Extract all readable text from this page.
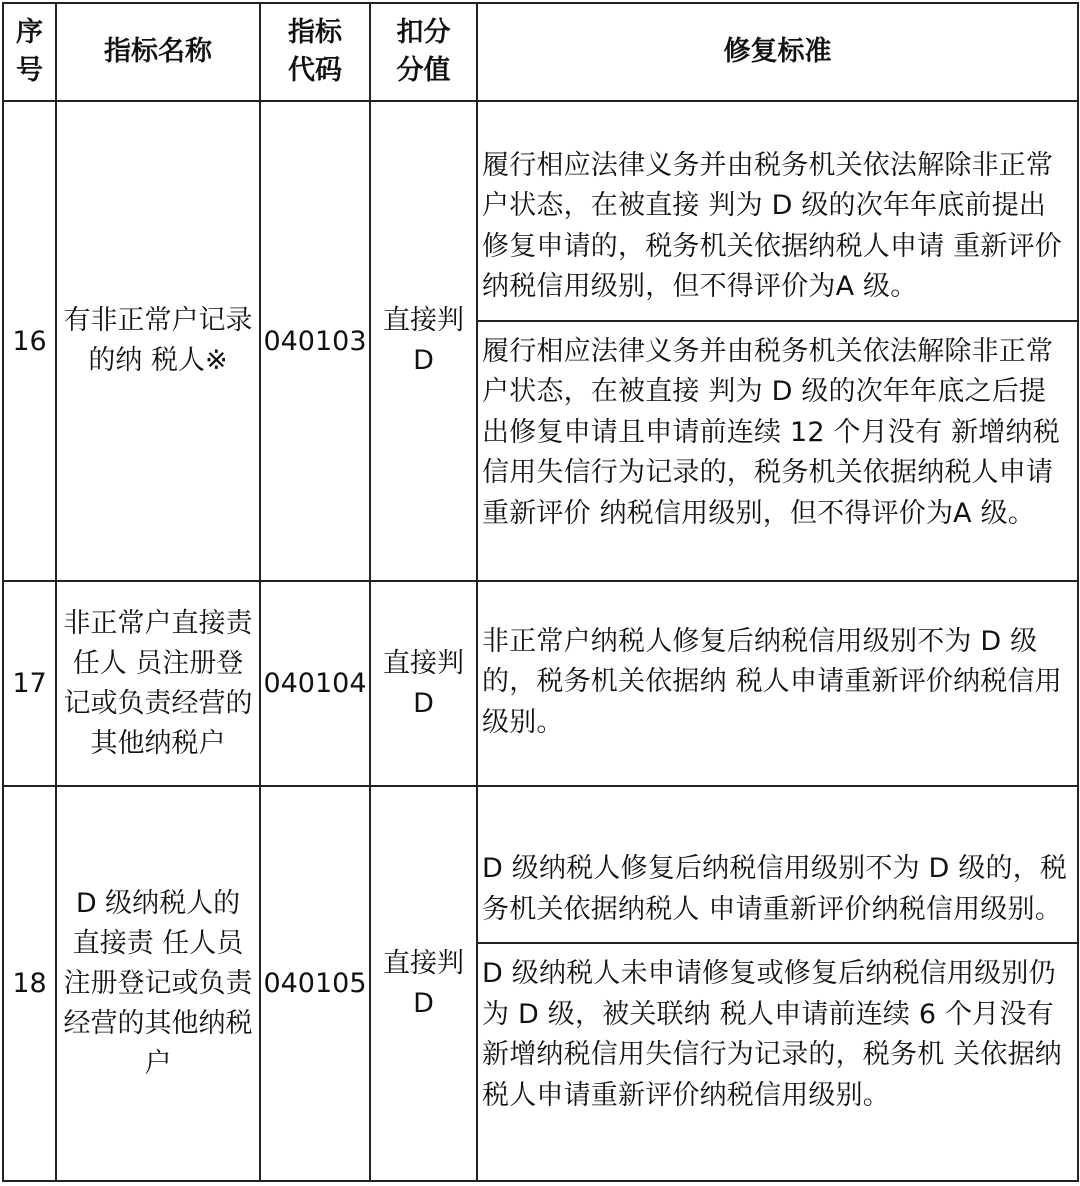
序号	指标名称	指标代码	扣分分值	修复标准
16	有非正常户记录的纳 税人※	040103	直接判D	履行相应法律义务并由税务机关依法解除非正常户状态，在被直接 判为 D 级的次年年底前提出修复申请的，税务机关依据纳税人申请 重新评价纳税信用级别，但不得评价为A 级。
履行相应法律义务并由税务机关依法解除非正常户状态，在被直接 判为 D 级的次年年底之后提出修复申请且申请前连续 12 个月没有 新增纳税信用失信行为记录的，税务机关依据纳税人申请重新评价 纳税信用级别，但不得评价为A 级。

17	非正常户直接责任人 员注册登记或负责经营的其他纳税户	040104	直接判D	非正常户纳税人修复后纳税信用级别不为 D 级的，税务机关依据纳 税人申请重新评价纳税信用级别。

18	D 级纳税人的直接责 任人员注册登记或负责经营的其他纳税户	040105	直接判D	D 级纳税人修复后纳税信用级别不为 D 级的，税务机关依据纳税人 申请重新评价纳税信用级别。
D 级纳税人未申请修复或修复后纳税信用级别仍为 D 级，被关联纳 税人申请前连续 6 个月没有新增纳税信用失信行为记录的，税务机 关依据纳税人申请重新评价纳税信用级别。
